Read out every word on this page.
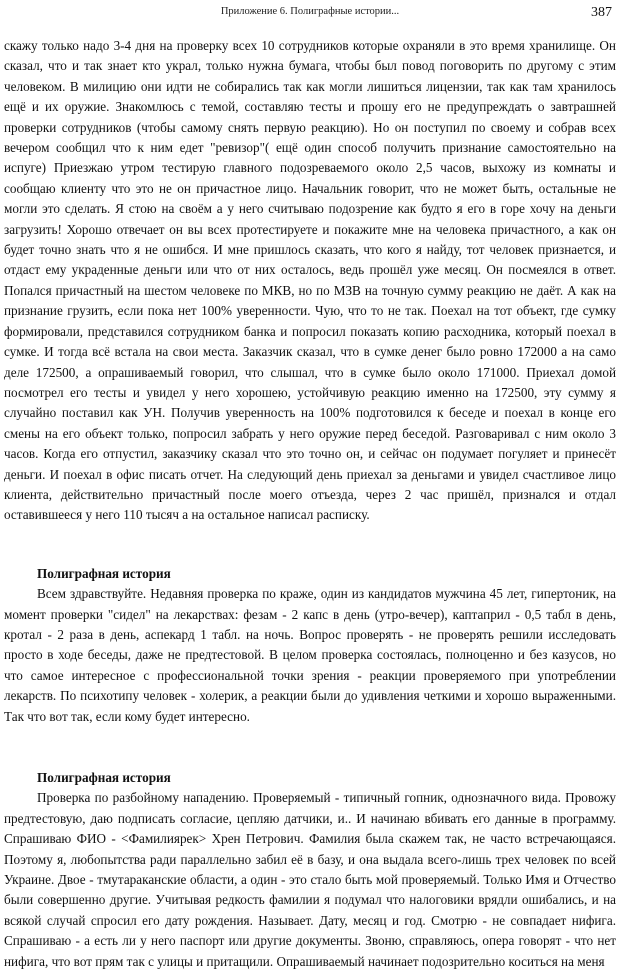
Приложение 6. Полиграфные истории...	387

скажу только надо 3-4 дня на проверку всех 10 сотрудников которые охраняли в это время хранилище. Он сказал, что и так знает кто украл, только нужна бумага, чтобы был повод поговорить по другому с этим человеком. В милицию они идти не собирались так как могли лишиться лицензии, так как там хранилось ещё и их оружие. Знакомлюсь с темой, составляю тесты и прошу его не предупреждать о завтрашней проверки сотрудников (чтобы самому снять первую реакцию). Но он поступил по своему и собрав всех вечером сообщил что к ним едет "ревизор"( ещё один способ получить признание самостоятельно на испуге) Приезжаю утром тестирую главного подозреваемого около 2,5 часов, выхожу из комнаты и сообщаю клиенту что это не он причастное лицо. Начальник говорит, что не может быть, остальные не могли это сделать. Я стою на своём а у него считываю подозрение как будто я его в горе хочу на деньги загрузить! Хорошо отвечает он вы всех протестируете и покажите мне на человека причастного, а как он будет точно знать что я не ошибся. И мне пришлось сказать, что кого я найду, тот человек признается, и отдаст ему украденные деньги или что от них осталось, ведь прошёл уже месяц. Он посмеялся в ответ. Попался причастный на шестом человеке по МКВ, но по МЗВ на точную сумму реакцию не даёт. А как на признание грузить, если пока нет 100% уверенности. Чую, что то не так. Поехал на тот объект, где сумку формировали, представился сотрудником банка и попросил показать копию расходника, который поехал в сумке. И тогда всё встала на свои места. Заказчик сказал, что в сумке денег было ровно 172000 а на само деле 172500, а опрашиваемый говорил, что слышал, что в сумке было около 171000. Приехал домой посмотрел его тесты и увидел у него хорошею, устойчивую реакцию именно на 172500, эту сумму я случайно поставил как УН. Получив уверенность на 100% подготовился к беседе и поехал в конце его смены на его объект только, попросил забрать у него оружие перед беседой. Разговаривал с ним около 3 часов. Когда его отпустил, заказчику сказал что это точно он, и сейчас он подумает погуляет и принесёт деньги. И поехал в офис писать отчет. На следующий день приехал за деньгами и увидел счастливое лицо клиента, действительно причастный после моего отъезда, через 2 час пришёл, признался и отдал оставившееся у него 110 тысяч а на остальное написал расписку.

Полиграфная история

Всем здравствуйте. Недавняя проверка по краже, один из кандидатов мужчина 45 лет, гипертоник, на момент проверки "сидел" на лекарствах: фезам - 2 капс в день (утро-вечер), каптаприл - 0,5 табл в день, кротал - 2 раза в день, аспекард 1 табл. на ночь. Вопрос проверять - не проверять решили исследовать просто в ходе беседы, даже не предтестовой. В целом проверка состоялась, полноценно и без казусов, но что самое интересное с профессиональной точки зрения - реакции проверяемого при употреблении лекарств. По психотипу человек - холерик, а реакции были до удивления четкими и хорошо выраженными. Так что вот так, если кому будет интересно.

Полиграфная история

Проверка по разбойному нападению. Проверяемый - типичный гопник, однозначного вида. Провожу предтестовую, даю подписать согласие, цепляю датчики, и.. И начинаю вбивать его данные в программу. Спрашиваю ФИО - <Фамилиярек> Хрен Петрович. Фамилия была скажем так, не часто встречающаяся. Поэтому я, любопытства ради параллельно забил её в базу, и она выдала всего-лишь трех человек по всей Украине. Двое - тмутараканские области, а один - это стало быть мой проверяемый. Только Имя и Отчество были совершенно другие. Учитывая редкость фамилии я подумал что налоговики врядли ошибались, и на всякой случай спросил его дату рождения. Называет. Дату, месяц и год. Смотрю - не совпадает нифига. Спрашиваю - а есть ли у него паспорт или другие документы. Звоню, справляюсь, опера говорят - что нет нифига, что вот прям так с улицы и притащили. Опрашиваемый начинает подозрительно коситься на меня
